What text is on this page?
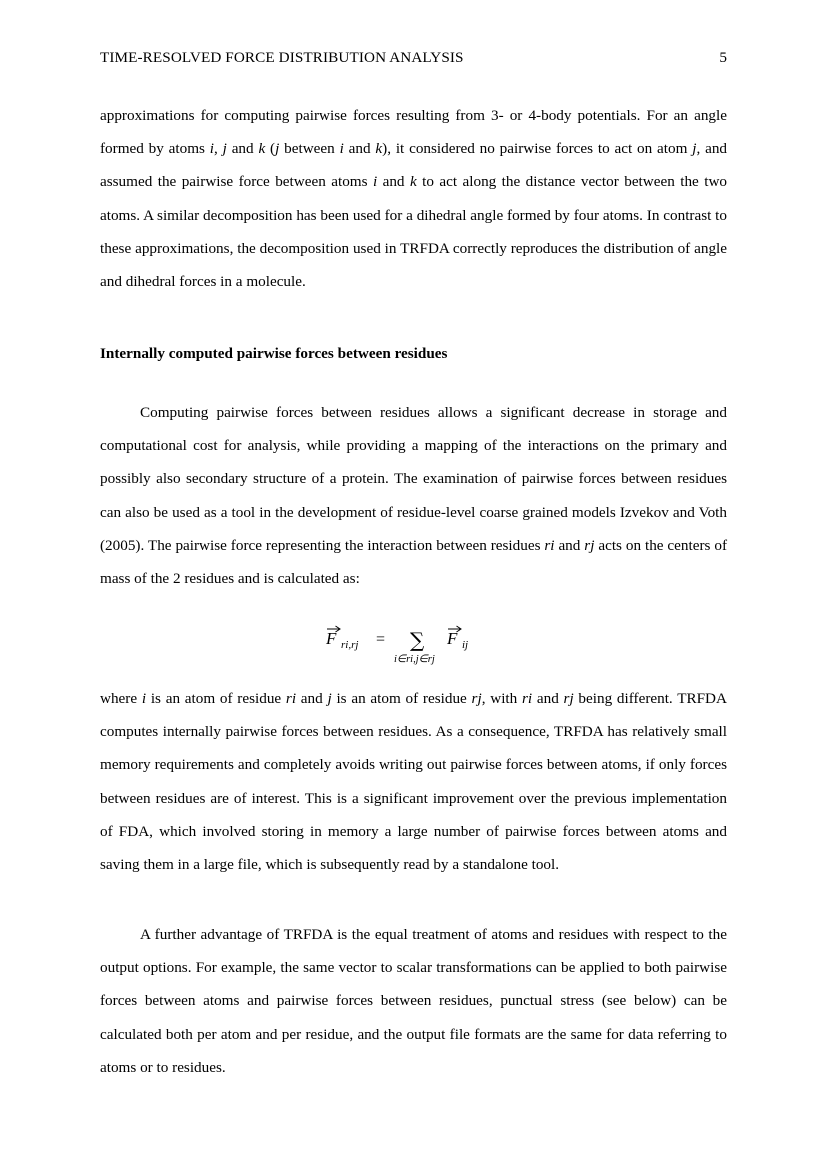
TIME-RESOLVED FORCE DISTRIBUTION ANALYSIS	5

approximations for computing pairwise forces resulting from 3- or 4-body potentials. For an angle formed by atoms i, j and k (j between i and k), it considered no pairwise forces to act on atom j, and assumed the pairwise force between atoms i and k to act along the distance vector between the two atoms. A similar decomposition has been used for a dihedral angle formed by four atoms. In contrast to these approximations, the decomposition used in TRFDA correctly reproduces the distribution of angle and dihedral forces in a molecule.

Internally computed pairwise forces between residues

Computing pairwise forces between residues allows a significant decrease in storage and computational cost for analysis, while providing a mapping of the interactions on the primary and possibly also secondary structure of a protein. The examination of pairwise forces between residues can also be used as a tool in the development of residue-level coarse grained models Izvekov and Voth (2005). The pairwise force representing the interaction between residues ri and rj acts on the centers of mass of the 2 residues and is calculated as:

F ri,rj = ∑
i∈ri,j∈rj
F ij

where i is an atom of residue ri and j is an atom of residue rj, with ri and rj being different. TRFDA computes internally pairwise forces between residues. As a consequence, TRFDA has relatively small memory requirements and completely avoids writing out pairwise forces between atoms, if only forces between residues are of interest. This is a significant improvement over the previous implementation of FDA, which involved storing in memory a large number of pairwise forces between atoms and saving them in a large file, which is subsequently read by a standalone tool.

A further advantage of TRFDA is the equal treatment of atoms and residues with respect to the output options. For example, the same vector to scalar transformations can be applied to both pairwise forces between atoms and pairwise forces between residues, punctual stress (see below) can be calculated both per atom and per residue, and the output file formats are the same for data referring to atoms or to residues.
